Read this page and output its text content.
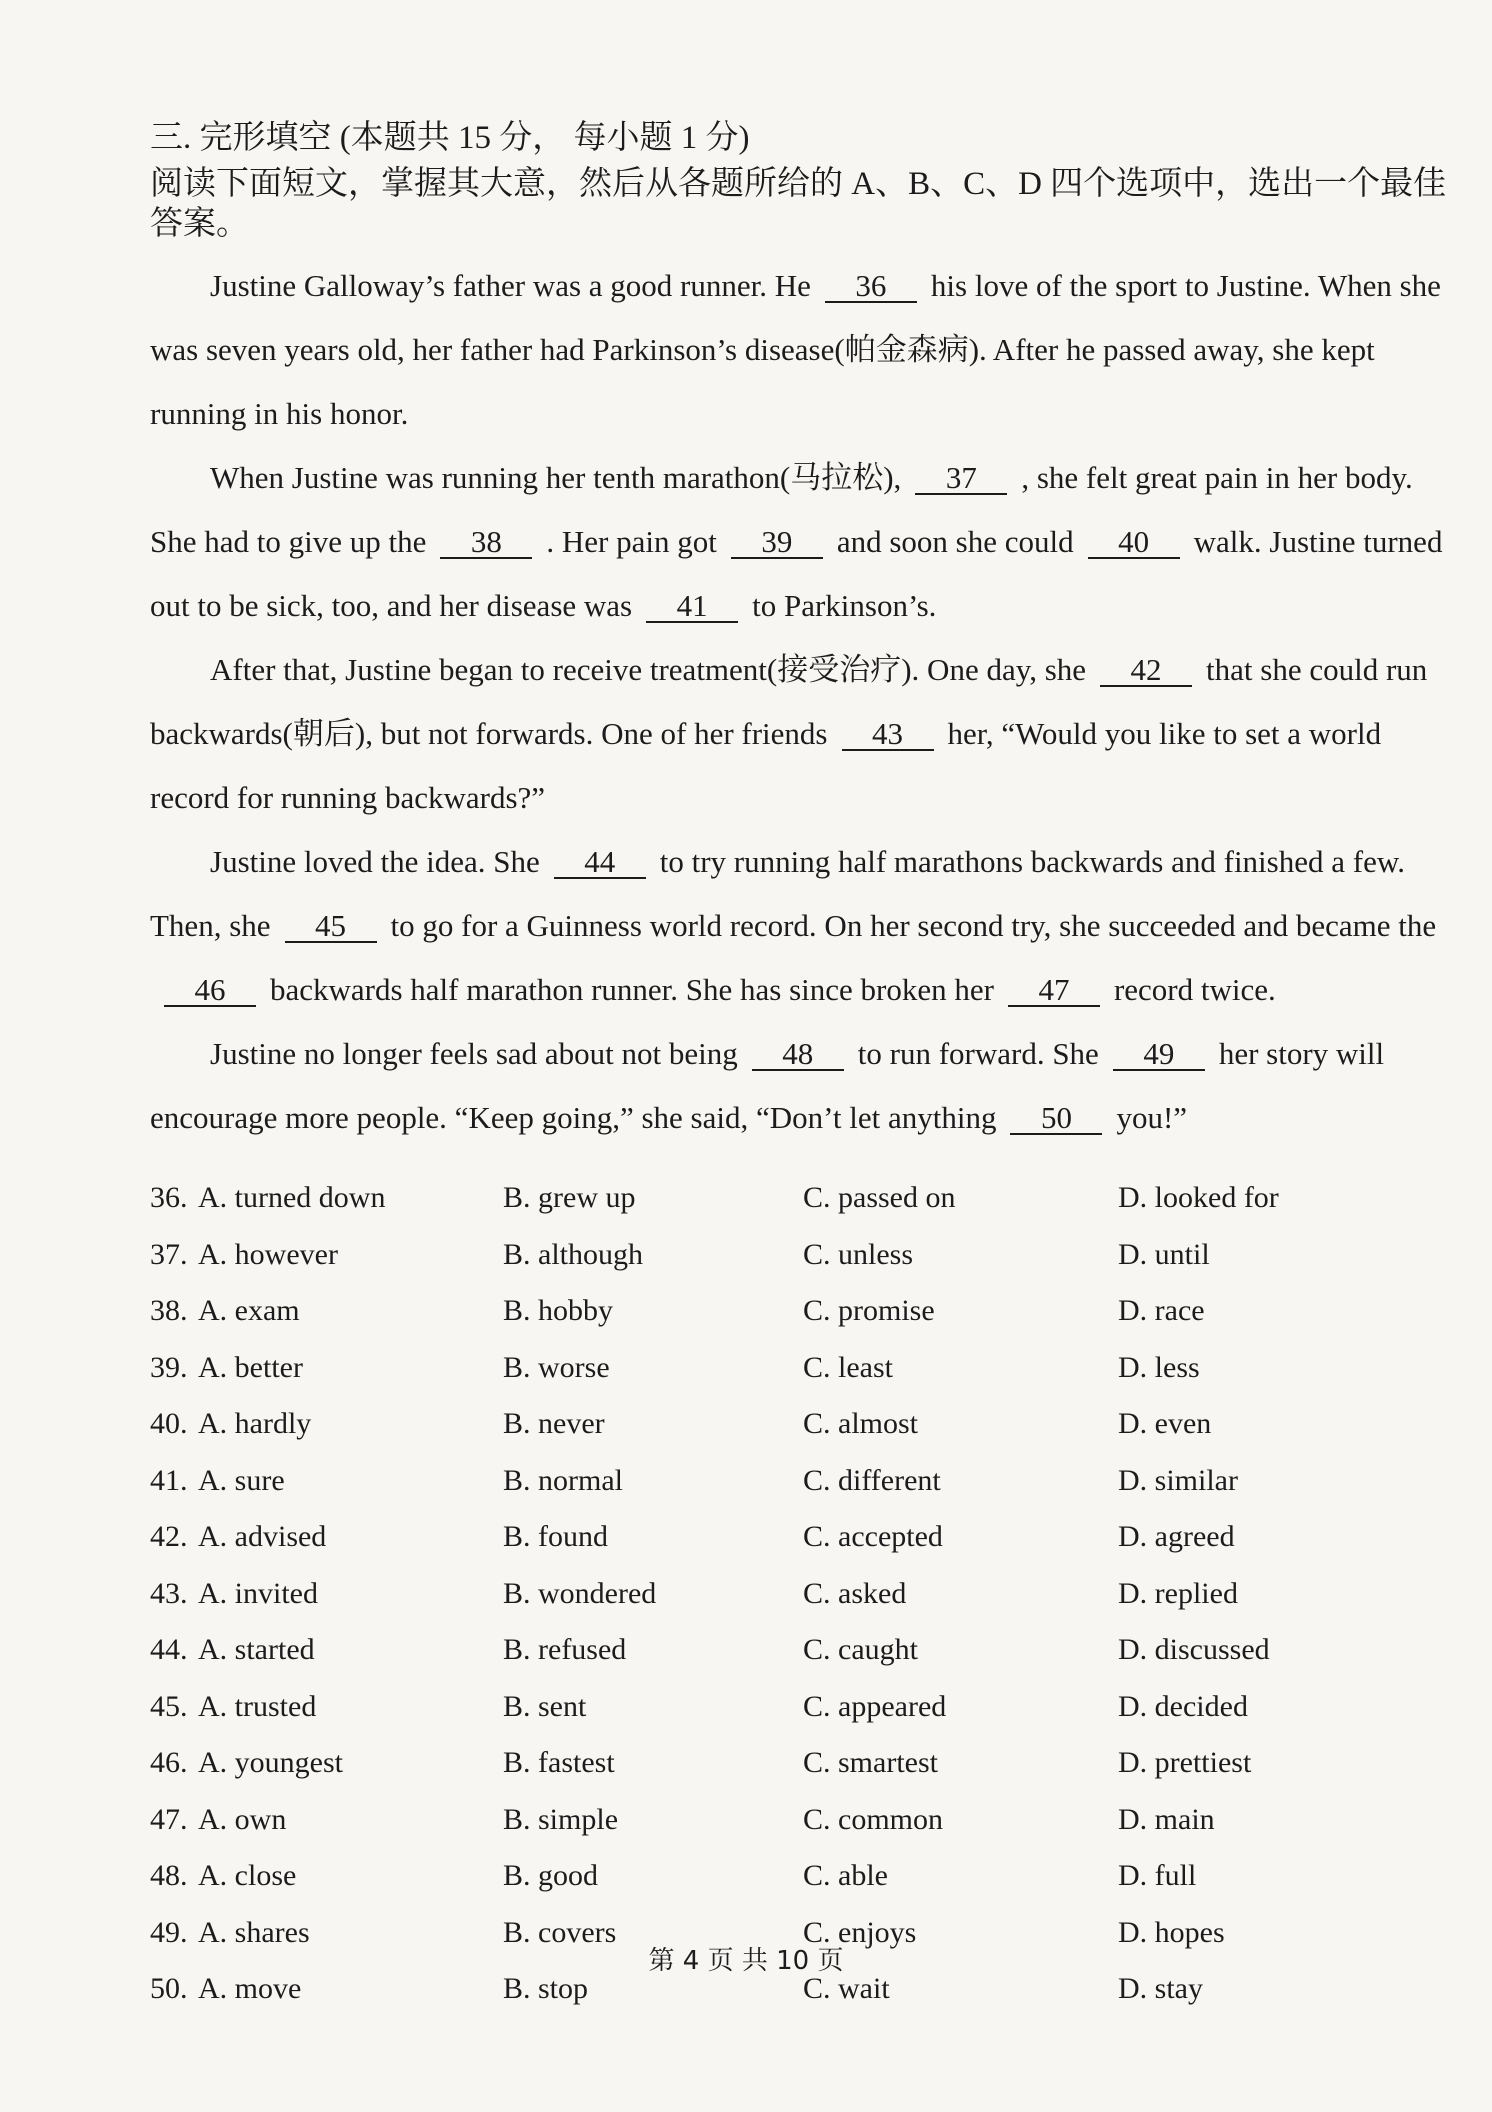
三. 完形填空 (本题共 15 分， 每小题 1 分)
阅读下面短文，掌握其大意，然后从各题所给的 A、B、C、D 四个选项中，选出一个最佳答案。

Justine Galloway’s father was a good runner. He 36 his love of the sport to Justine. When she was seven years old, her father had Parkinson’s disease(帕金森病). After he passed away, she kept running in his honor.

When Justine was running her tenth marathon(马拉松), 37 , she felt great pain in her body. She had to give up the 38 . Her pain got 39 and soon she could 40 walk. Justine turned out to be sick, too, and her disease was 41 to Parkinson’s.

After that, Justine began to receive treatment(接受治疗). One day, she 42 that she could run backwards(朝后), but not forwards. One of her friends 43 her, “Would you like to set a world record for running backwards?”

Justine loved the idea. She 44 to try running half marathons backwards and finished a few. Then, she 45 to go for a Guinness world record. On her second try, she succeeded and became the46 backwards half marathon runner. She has since broken her 47 record twice.

Justine no longer feels sad about not being 48 to run forward. She 49 her story will encourage more people. “Keep going,” she said, “Don’t let anything 50 you!”

36. A. turned down	B. grew up	C. passed on	D. looked for
37. A. however	B. although	C. unless	D. until
38. A. exam	B. hobby	C. promise	D. race
39. A. better	B. worse	C. least	D. less
40. A. hardly	B. never	C. almost	D. even
41. A. sure	B. normal	C. different	D. similar
42. A. advised	B. found	C. accepted	D. agreed
43. A. invited	B. wondered	C. asked	D. replied
44. A. started	B. refused	C. caught	D. discussed
45. A. trusted	B. sent	C. appeared	D. decided
46. A. youngest	B. fastest	C. smartest	D. prettiest
47. A. own	B. simple	C. common	D. main
48. A. close	B. good	C. able	D. full
49. A. shares	B. covers	C. enjoys	D. hopes
50. A. move	B. stop	C. wait	D. stay
第 4 页 共 10 页
